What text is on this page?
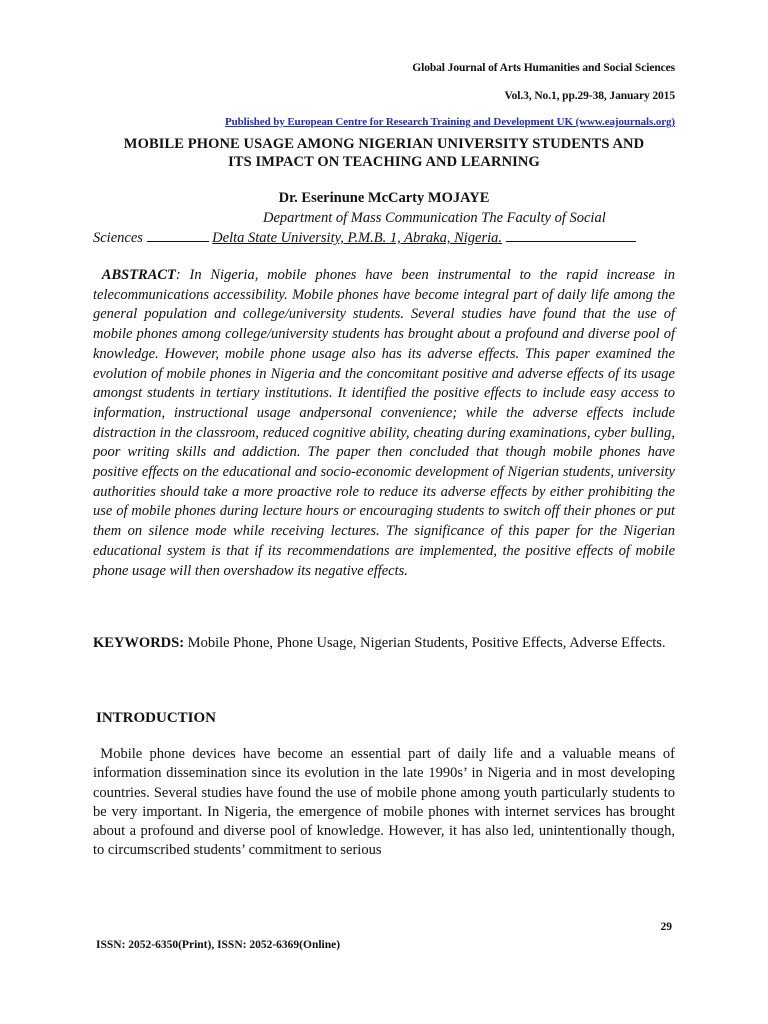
Global Journal of Arts Humanities and Social Sciences
Vol.3, No.1, pp.29-38, January 2015
Published by European Centre for Research Training and Development UK (www.eajournals.org)
MOBILE PHONE USAGE AMONG NIGERIAN UNIVERSITY STUDENTS AND
ITS IMPACT ON TEACHING AND LEARNING
Dr. Eserinune McCarty MOJAYE
Department of Mass Communication The Faculty of Social
Sciences	Delta State University, P.M.B. 1, Abraka, Nigeria.

ABSTRACT: In Nigeria, mobile phones have been instrumental to the rapid increase in telecommunications accessibility. Mobile phones have become integral part of daily life among the general population and college/university students. Several studies have found that the use of mobile phones among college/university students has brought about a profound and diverse pool of knowledge. However, mobile phone usage also has its adverse effects. This paper examined the evolution of mobile phones in Nigeria and the concomitant positive and adverse effects of its usage amongst students in tertiary institutions. It identified the positive effects to include easy access to information, instructional usage andpersonal convenience; while the adverse effects include distraction in the classroom, reduced cognitive ability, cheating during examinations, cyber bulling, poor writing skills and addiction. The paper then concluded that though mobile phones have positive effects on the educational and socio-economic development of Nigerian students, university authorities should take a more proactive role to reduce its adverse effects by either prohibiting the use of mobile phones during lecture hours or encouraging students to switch off their phones or put them on silence mode while receiving lectures. The significance of this paper for the Nigerian educational system is that if its recommendations are implemented, the positive effects of mobile phone usage will then overshadow its negative effects.

KEYWORDS: Mobile Phone, Phone Usage, Nigerian Students, Positive Effects, Adverse Effects.

INTRODUCTION

Mobile phone devices have become an essential part of daily life and a valuable means of information dissemination since its evolution in the late 1990s’ in Nigeria and in most developing countries. Several studies have found the use of mobile phone among youth particularly students to be very important. In Nigeria, the emergence of mobile phones with internet services has brought about a profound and diverse pool of knowledge. However, it has also led, unintentionally though, to circumscribed students’ commitment to serious

29
ISSN: 2052-6350(Print), ISSN: 2052-6369(Online)
